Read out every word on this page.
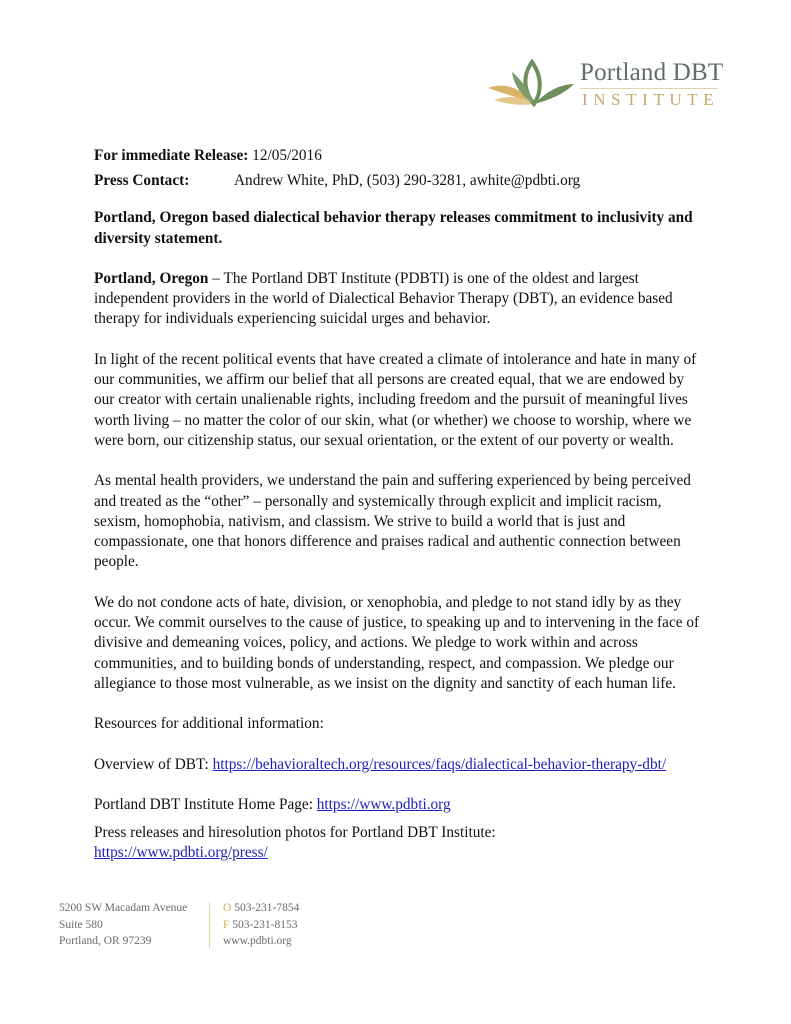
Portland DBT
INSTITUTE
For immediate Release: 12/05/2016
Press Contact:	Andrew White, PhD, (503) 290-3281, awhite@pdbti.org
Portland, Oregon based dialectical behavior therapy releases commitment to inclusivity and diversity statement.

Portland, Oregon – The Portland DBT Institute (PDBTI) is one of the oldest and largest independent providers in the world of Dialectical Behavior Therapy (DBT), an evidence based therapy for individuals experiencing suicidal urges and behavior.

In light of the recent political events that have created a climate of intolerance and hate in many of our communities, we affirm our belief that all persons are created equal, that we are endowed by our creator with certain unalienable rights, including freedom and the pursuit of meaningful lives worth living – no matter the color of our skin, what (or whether) we choose to worship, where we were born, our citizenship status, our sexual orientation, or the extent of our poverty or wealth.

As mental health providers, we understand the pain and suffering experienced by being perceived and treated as the “other” – personally and systemically through explicit and implicit racism, sexism, homophobia, nativism, and classism. We strive to build a world that is just and compassionate, one that honors difference and praises radical and authentic connection between people.

We do not condone acts of hate, division, or xenophobia, and pledge to not stand idly by as they occur. We commit ourselves to the cause of justice, to speaking up and to intervening in the face of divisive and demeaning voices, policy, and actions. We pledge to work within and across communities, and to building bonds of understanding, respect, and compassion. We pledge our allegiance to those most vulnerable, as we insist on the dignity and sanctity of each human life.

Resources for additional information:

Overview of DBT: https://behavioraltech.org/resources/faqs/dialectical-behavior-therapy-dbt/

Portland DBT Institute Home Page: https://www.pdbti.org

Press releases and hiresolution photos for Portland DBT Institute:
https://www.pdbti.org/press/

5200 SW Macadam Avenue
Suite 580
Portland, OR 97239
O 503-231-7854
F 503-231-8153
www.pdbti.org
